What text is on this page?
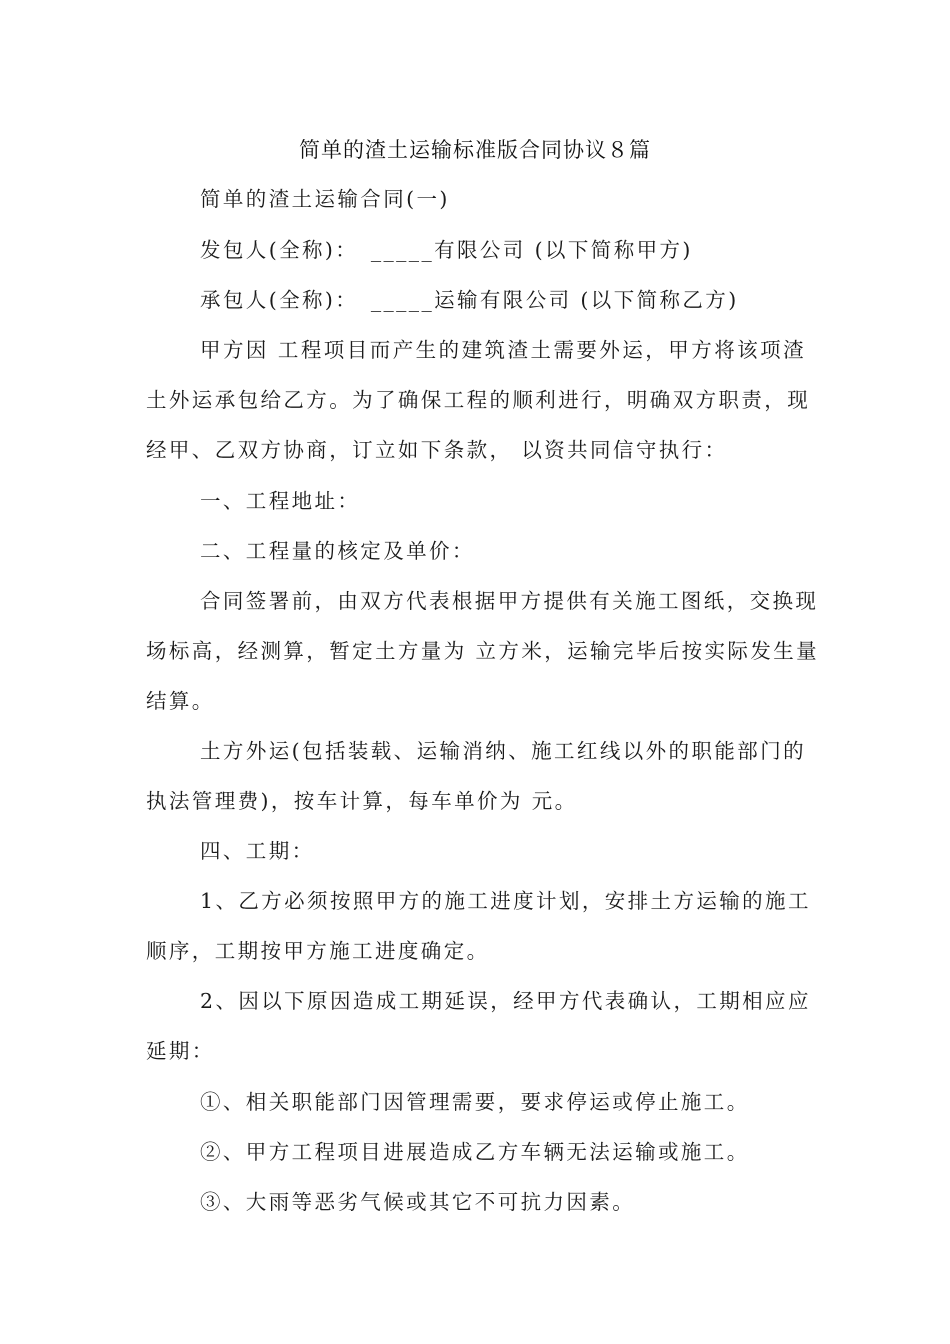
简单的渣土运输标准版合同协议８篇
简单的渣土运输合同(一)
发包人(全称)：　_____有限公司 (以下简称甲方)
承包人(全称)：　_____运输有限公司 (以下简称乙方)
甲方因 工程项目而产生的建筑渣土需要外运，甲方将该项渣
土外运承包给乙方。为了确保工程的顺利进行，明确双方职责，现
经甲、乙双方协商，订立如下条款， 以资共同信守执行：
一、工程地址：
二、工程量的核定及单价：
合同签署前，由双方代表根据甲方提供有关施工图纸，交换现
场标高，经测算，暂定土方量为 立方米，运输完毕后按实际发生量
结算。
土方外运(包括装载、运输消纳、施工红线以外的职能部门的
执法管理费)，按车计算，每车单价为 元。
四、工期：
1、乙方必须按照甲方的施工进度计划，安排土方运输的施工
顺序，工期按甲方施工进度确定。
2、因以下原因造成工期延误，经甲方代表确认，工期相应应
延期：
①、相关职能部门因管理需要，要求停运或停止施工。
②、甲方工程项目进展造成乙方车辆无法运输或施工。
③、大雨等恶劣气候或其它不可抗力因素。
